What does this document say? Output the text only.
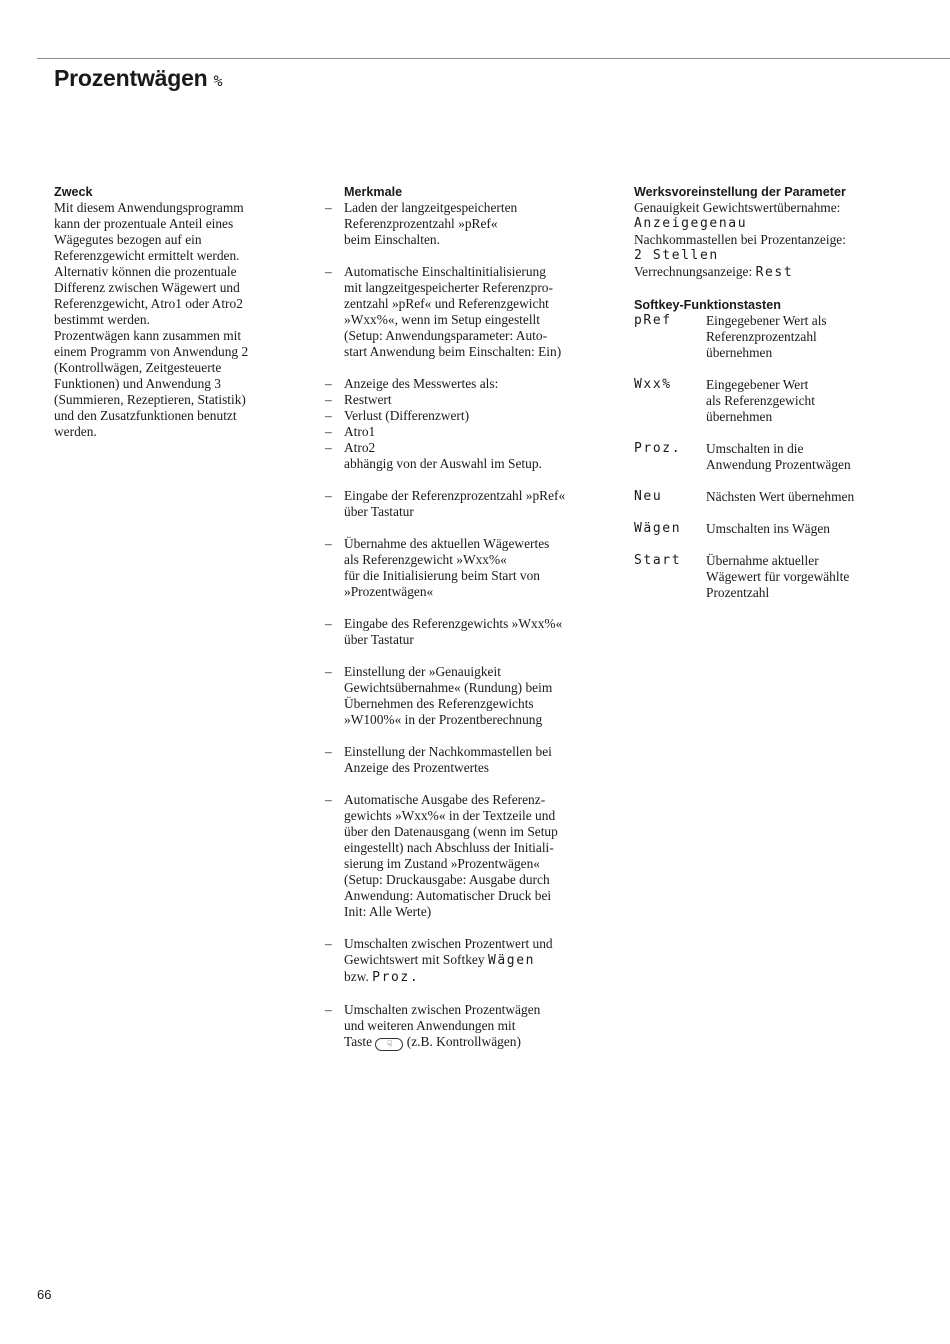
Prozentwägen %
Zweck

Mit diesem Anwendungsprogramm

kann der prozentuale Anteil eines

Wägegutes bezogen auf ein

Referenzgewicht ermittelt werden.

Alternativ können die prozentuale

Differenz zwischen Wägewert und

Referenzgewicht, Atro1 oder Atro2

bestimmt werden.

Prozentwägen kann zusammen mit

einem Programm von Anwendung 2

(Kontrollwägen, Zeitgesteuerte

Funktionen) und Anwendung 3

(Summieren, Rezeptieren, Statistik)

und den Zusatzfunktionen benutzt

werden.

Merkmale
– Laden der langzeitgespeicherten
Referenzprozentzahl »pRef«
beim Einschalten.
– Automatische Einschaltinitialisierung
mit langzeitgespeicherter Referenzpro-
zentzahl »pRef« und Referenzgewicht
»Wxx%«, wenn im Setup eingestellt
(Setup: Anwendungsparameter: Auto-
start Anwendung beim Einschalten: Ein)
– Anzeige des Messwertes als:
– Restwert
– Verlust (Differenzwert)
– Atro1
– Atro2
abhängig von der Auswahl im Setup.
– Eingabe der Referenzprozentzahl »pRef«
über Tastatur
– Übernahme des aktuellen Wägewertes
als Referenzgewicht »Wxx%«
für die Initialisierung beim Start von
»Prozentwägen«
– Eingabe des Referenzgewichts »Wxx%«
über Tastatur
– Einstellung der »Genauigkeit
Gewichtsübernahme« (Rundung) beim
Übernehmen des Referenzgewichts
»W100%« in der Prozentberechnung
– Einstellung der Nachkommastellen bei
Anzeige des Prozentwertes
– Automatische Ausgabe des Referenz-
gewichts »Wxx%« in der Textzeile und
über den Datenausgang (wenn im Setup
eingestellt) nach Abschluss der Initiali-
sierung im Zustand »Prozentwägen«
(Setup: Druckausgabe: Ausgabe durch
Anwendung: Automatischer Druck bei
Init: Alle Werte)
– Umschalten zwischen Prozentwert und
Gewichtswert mit Softkey Wägen
bzw. Proz.
– Umschalten zwischen Prozentwägen
und weiteren Anwendungen mit
Taste ☟ (z.B. Kontrollwägen)
Werksvoreinstellung der Parameter
Genauigkeit Gewichtswertübernahme:
Anzeigegenau
Nachkommastellen bei Prozentanzeige:
2 Stellen
Verrechnungsanzeige: Rest
Softkey-Funktionstasten
pRef	Eingegebener Wert als
Referenzprozentzahl
übernehmen
Wxx%	Eingegebener Wert
als Referenzgewicht
übernehmen
Proz.	Umschalten in die
Anwendung Prozentwägen
Neu	Nächsten Wert übernehmen
Wägen	Umschalten ins Wägen
Start	Übernahme aktueller
Wägewert für vorgewählte
Prozentzahl
66
